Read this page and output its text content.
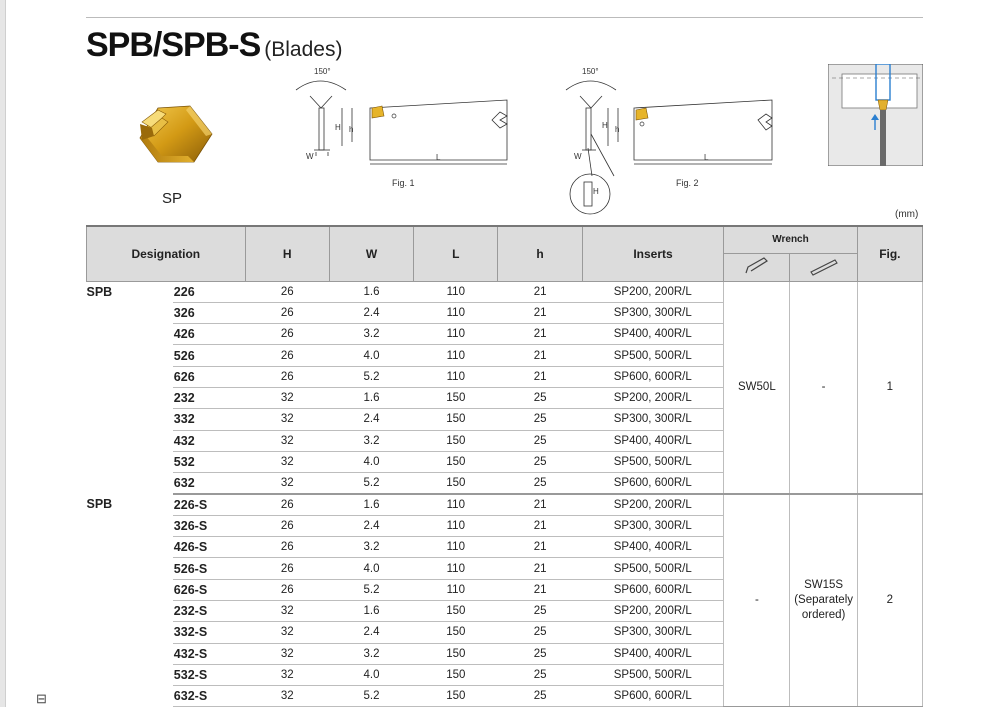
SPB/SPB-S (Blades)
SP
150°
H h
W	L
Fig. 1
150°
H h
W	L
H
Fig. 2
(mm)
Designation		H	W	L	h	Inserts	Wrench		Fig.

SPB	226	26	1.6	110	21	SP200, 200R/L	SW50L	-	1
	326	26	2.4	110	21	SP300, 300R/L			
	426	26	3.2	110	21	SP400, 400R/L			
	526	26	4.0	110	21	SP500, 500R/L			
	626	26	5.2	110	21	SP600, 600R/L			
	232	32	1.6	150	25	SP200, 200R/L			
	332	32	2.4	150	25	SP300, 300R/L			
	432	32	3.2	150	25	SP400, 400R/L			
	532	32	4.0	150	25	SP500, 500R/L			
	632	32	5.2	150	25	SP600, 600R/L			
SPB	226-S	26	1.6	110	21	SP200, 200R/L	-	SW15S (Separately ordered)	2
	326-S	26	2.4	110	21	SP300, 300R/L			
	426-S	26	3.2	110	21	SP400, 400R/L			
	526-S	26	4.0	110	21	SP500, 500R/L			
	626-S	26	5.2	110	21	SP600, 600R/L			
	232-S	32	1.6	150	25	SP200, 200R/L			
	332-S	32	2.4	150	25	SP300, 300R/L			
	432-S	32	3.2	150	25	SP400, 400R/L			
	532-S	32	4.0	150	25	SP500, 500R/L			
	632-S	32	5.2	150	25	SP600, 600R/L			
⊟
